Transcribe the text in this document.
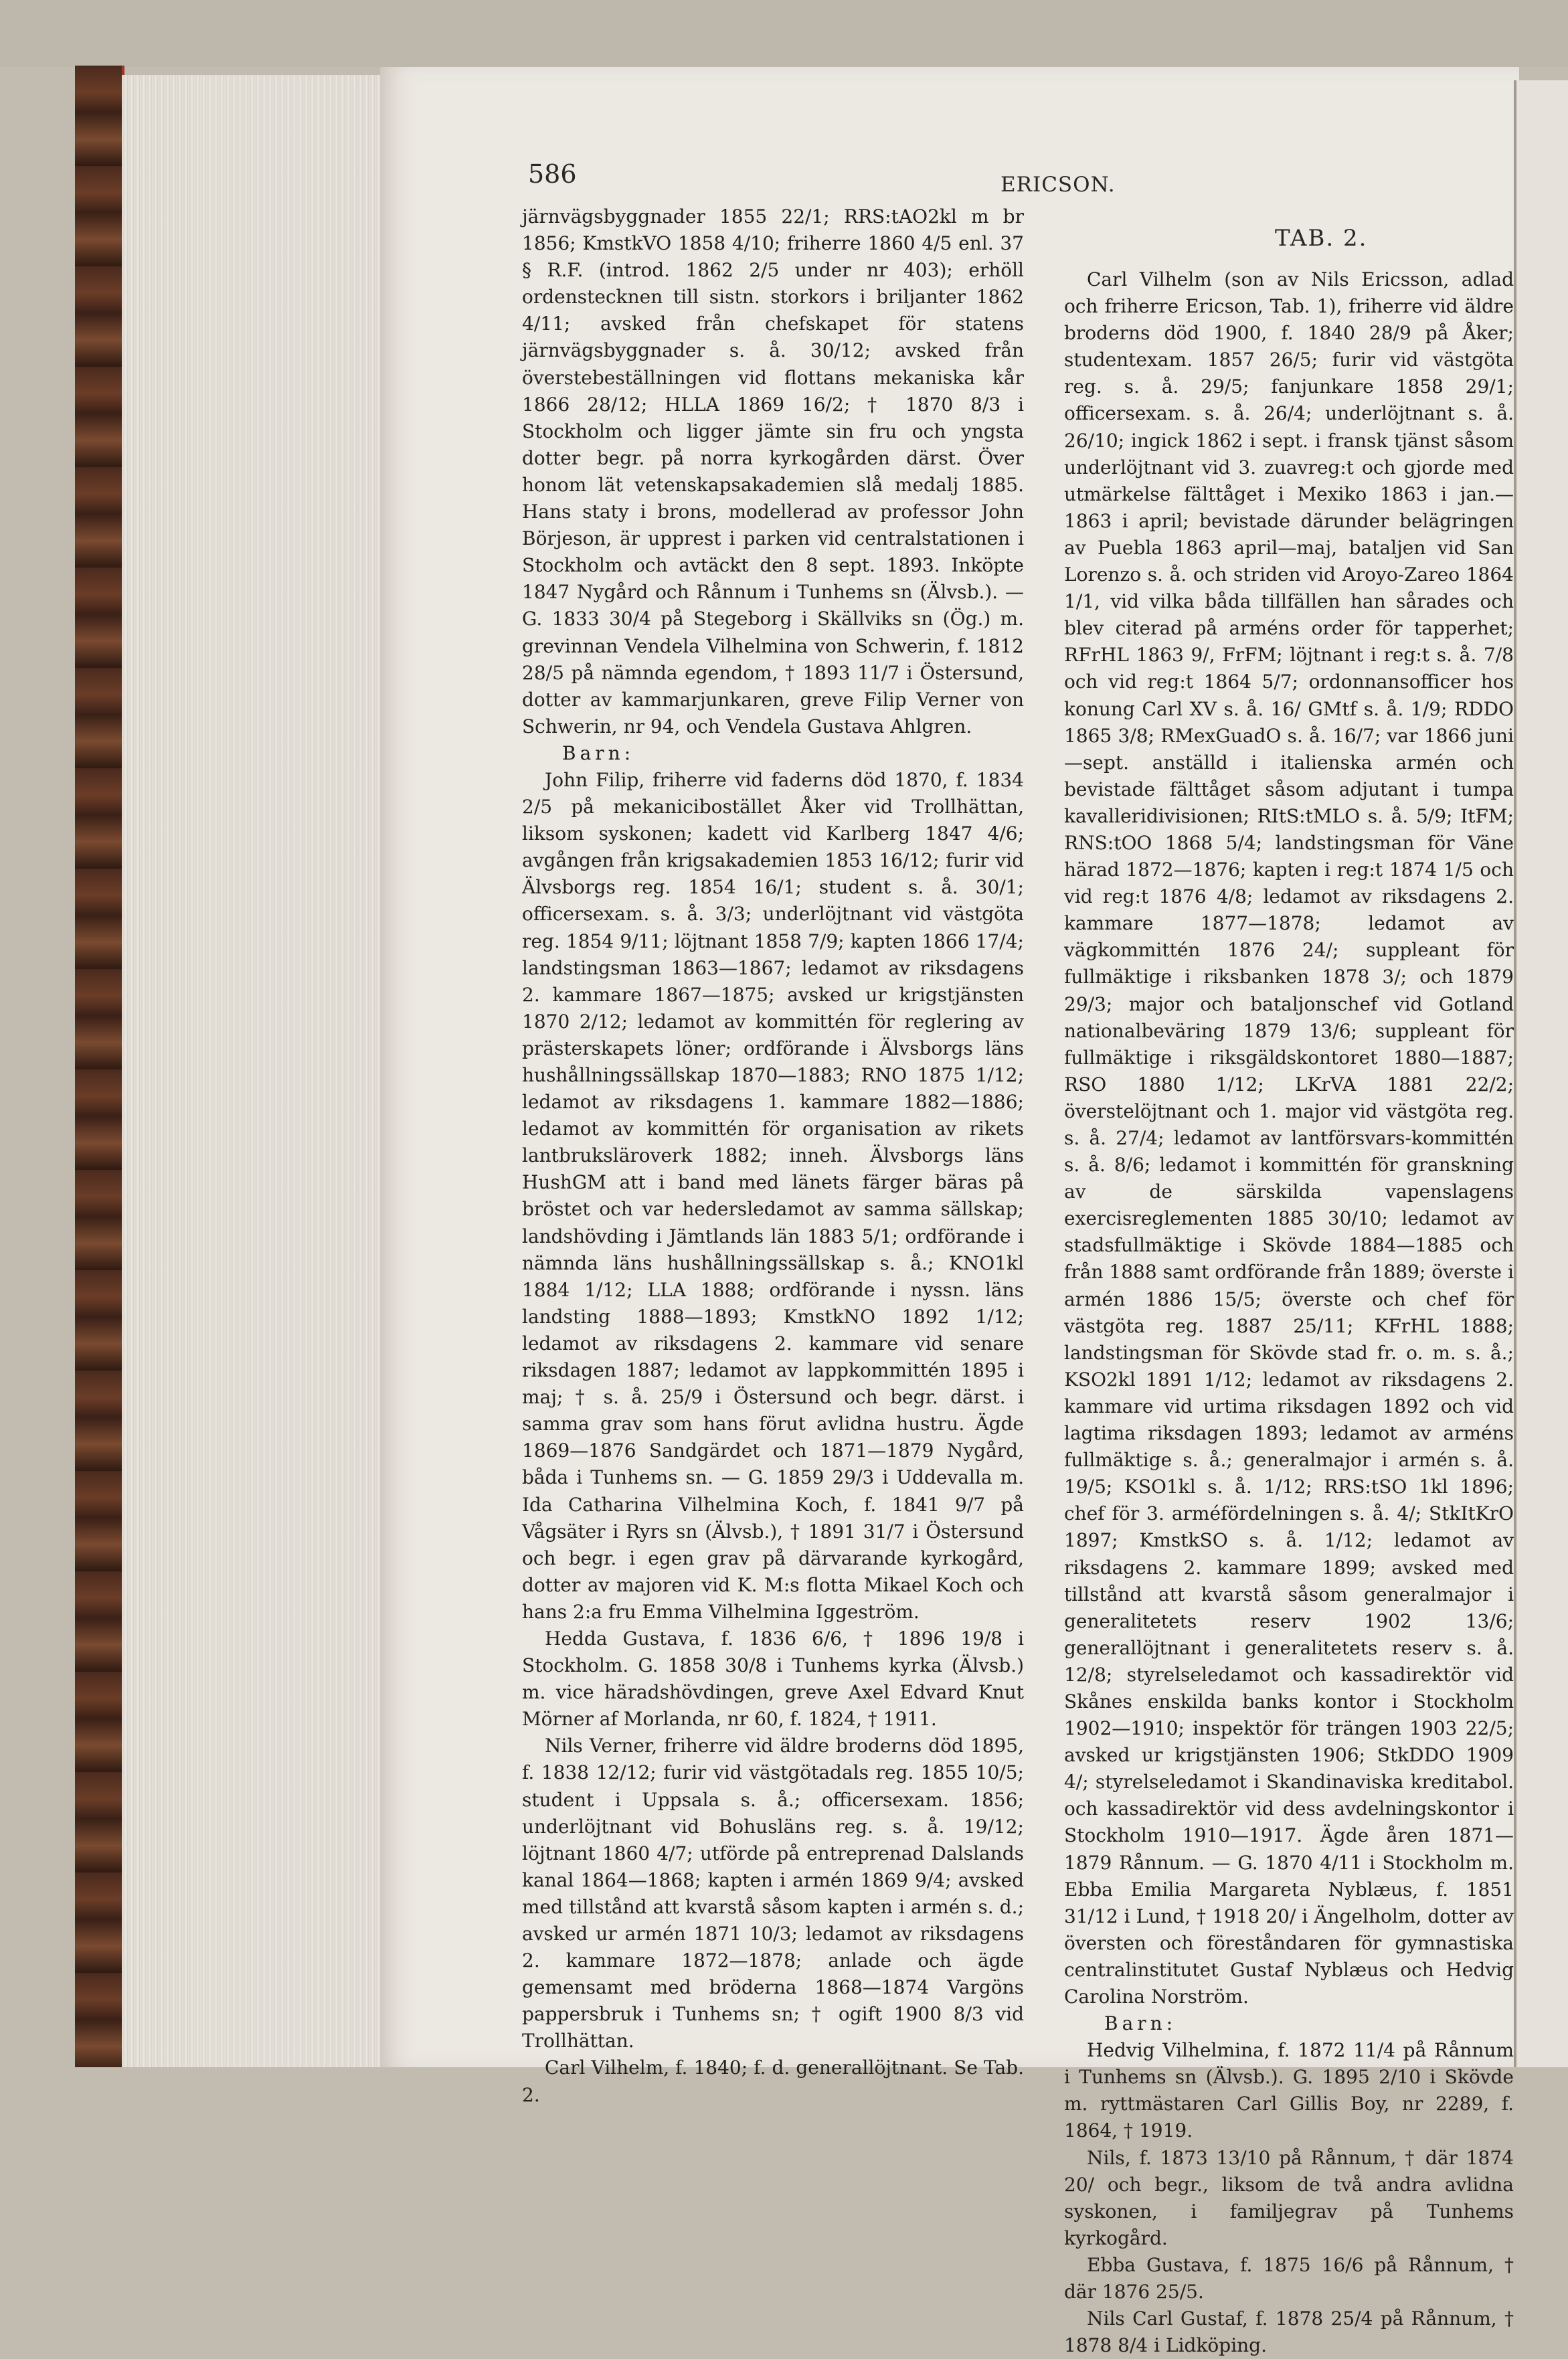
586	ERICSON.
TAB. 2.

järnvägsbyggnader 1855 22/1; RRS:tAO2kl m br 1856; KmstkVO 1858 4/10; friherre 1860 4/5 enl. 37 § R.F. (introd. 1862 2/5 under nr 403); erhöll ordenstecknen till sistn. storkors i briljanter 1862 4/11; avsked från chefskapet för statens järnvägsbyggnader s. å. 30/12; avsked från överstebeställningen vid flottans mekaniska kår 1866 28/12; HLLA 1869 16/2; † 1870 8/3 i Stockholm och ligger jämte sin fru och yngsta dotter begr. på norra kyrkogården därst. Över honom lät vetenskapsakademien slå medalj 1885. Hans staty i brons, modellerad av professor John Börjeson, är upprest i parken vid centralstationen i Stockholm och avtäckt den 8 sept. 1893. Inköpte 1847 Nygård och Rånnum i Tunhems sn (Älvsb.). — G. 1833 30/4 på Stegeborg i Skällviks sn (Ög.) m. grevinnan Vendela Vilhelmina von Schwerin, f. 1812 28/5 på nämnda egendom, † 1893 11/7 i Östersund, dotter av kammarjunkaren, greve Filip Verner von Schwerin, nr 94, och Vendela Gustava Ahlgren.

Barn:

John Filip, friherre vid faderns död 1870, f. 1834 2/5 på mekanicibostället Åker vid Trollhättan, liksom syskonen; kadett vid Karlberg 1847 4/6; avgången från krigsakademien 1853 16/12; furir vid Älvsborgs reg. 1854 16/1; student s. å. 30/1; officersexam. s. å. 3/3; underlöjtnant vid västgöta reg. 1854 9/11; löjtnant 1858 7/9; kapten 1866 17/4; landstingsman 1863—1867; ledamot av riksdagens 2. kammare 1867—1875; avsked ur krigstjänsten 1870 2/12; ledamot av kommittén för reglering av prästerskapets löner; ordförande i Älvsborgs läns hushållningssällskap 1870—1883; RNO 1875 1/12; ledamot av riksdagens 1. kammare 1882—1886; ledamot av kommittén för organisation av rikets lantbruksläroverk 1882; inneh. Älvsborgs läns HushGM att i band med länets färger bäras på bröstet och var hedersledamot av samma sällskap; landshövding i Jämtlands län 1883 5/1; ordförande i nämnda läns hushållningssällskap s. å.; KNO1kl 1884 1/12; LLA 1888; ordförande i nyssn. läns landsting 1888—1893; KmstkNO 1892 1/12; ledamot av riksdagens 2. kammare vid senare riksdagen 1887; ledamot av lappkommittén 1895 i maj; † s. å. 25/9 i Östersund och begr. därst. i samma grav som hans förut avlidna hustru. Ägde 1869—1876 Sandgärdet och 1871—1879 Nygård, båda i Tunhems sn. — G. 1859 29/3 i Uddevalla m. Ida Catharina Vilhelmina Koch, f. 1841 9/7 på Vågsäter i Ryrs sn (Älvsb.), † 1891 31/7 i Östersund och begr. i egen grav på därvarande kyrkogård, dotter av majoren vid K. M:s flotta Mikael Koch och hans 2:a fru Emma Vilhelmina Iggeström.

Hedda Gustava, f. 1836 6/6, † 1896 19/8 i Stockholm. G. 1858 30/8 i Tunhems kyrka (Älvsb.) m. vice häradshövdingen, greve Axel Edvard Knut Mörner af Morlanda, nr 60, f. 1824, † 1911.

Nils Verner, friherre vid äldre broderns död 1895, f. 1838 12/12; furir vid västgötadals reg. 1855 10/5; student i Uppsala s. å.; officersexam. 1856; underlöjtnant vid Bohusläns reg. s. å. 19/12; löjtnant 1860 4/7; utförde på entreprenad Dalslands kanal 1864—1868; kapten i armén 1869 9/4; avsked med tillstånd att kvarstå såsom kapten i armén s. d.; avsked ur armén 1871 10/3; ledamot av riksdagens 2. kammare 1872—1878; anlade och ägde gemensamt med bröderna 1868—1874 Vargöns pappersbruk i Tunhems sn; † ogift 1900 8/3 vid Trollhättan.

Carl Vilhelm, f. 1840; f. d. generallöjtnant. Se Tab. 2.

Carl Vilhelm (son av Nils Ericsson, adlad och friherre Ericson, Tab. 1), friherre vid äldre broderns död 1900, f. 1840 28/9 på Åker; studentexam. 1857 26/5; furir vid västgöta reg. s. å. 29/5; fanjunkare 1858 29/1; officersexam. s. å. 26/4; underlöjtnant s. å. 26/10; ingick 1862 i sept. i fransk tjänst såsom underlöjtnant vid 3. zuavreg:t och gjorde med utmärkelse fälttåget i Mexiko 1863 i jan.—1863 i april; bevistade därunder belägringen av Puebla 1863 april—maj, bataljen vid San Lorenzo s. å. och striden vid Aroyo-Zareo 1864 1/1, vid vilka båda tillfällen han sårades och blev citerad på arméns order för tapperhet; RFrHL 1863 9/, FrFM; löjtnant i reg:t s. å. 7/8 och vid reg:t 1864 5/7; ordonnansofficer hos konung Carl XV s. å. 16/ GMtf s. å. 1/9; RDDO 1865 3/8; RMexGuadO s. å. 16/7; var 1866 juni—sept. anställd i italienska armén och bevistade fälttåget såsom adjutant i tumpa kavalleridivisionen; RItS:tMLO s. å. 5/9; ItFM; RNS:tOO 1868 5/4; landstingsman för Väne härad 1872—1876; kapten i reg:t 1874 1/5 och vid reg:t 1876 4/8; ledamot av riksdagens 2. kammare 1877—1878; ledamot av vägkommittén 1876 24/; suppleant för fullmäktige i riksbanken 1878 3/; och 1879 29/3; major och bataljonschef vid Gotland nationalbeväring 1879 13/6; suppleant för fullmäktige i riksgäldskontoret 1880—1887; RSO 1880 1/12; LKrVA 1881 22/2; överstelöjtnant och 1. major vid västgöta reg. s. å. 27/4; ledamot av lantförsvars-kommittén s. å. 8/6; ledamot i kommittén för granskning av de särskilda vapenslagens exercisreglementen 1885 30/10; ledamot av stadsfullmäktige i Skövde 1884—1885 och från 1888 samt ordförande från 1889; överste i armén 1886 15/5; överste och chef för västgöta reg. 1887 25/11; KFrHL 1888; landstingsman för Skövde stad fr. o. m. s. å.; KSO2kl 1891 1/12; ledamot av riksdagens 2. kammare vid urtima riksdagen 1892 och vid lagtima riksdagen 1893; ledamot av arméns fullmäktige s. å.; generalmajor i armén s. å. 19/5; KSO1kl s. å. 1/12; RRS:tSO 1kl 1896; chef för 3. arméfördelningen s. å. 4/; StkItKrO 1897; KmstkSO s. å. 1/12; ledamot av riksdagens 2. kammare 1899; avsked med tillstånd att kvarstå såsom generalmajor i generalitetets reserv 1902 13/6; generallöjtnant i generalitetets reserv s. å. 12/8; styrelseledamot och kassadirektör vid Skånes enskilda banks kontor i Stockholm 1902—1910; inspektör för trängen 1903 22/5; avsked ur krigstjänsten 1906; StkDDO 1909 4/; styrelseledamot i Skandinaviska kreditabol. och kassadirektör vid dess avdelningskontor i Stockholm 1910—1917. Ägde åren 1871—1879 Rånnum. — G. 1870 4/11 i Stockholm m. Ebba Emilia Margareta Nyblæus, f. 1851 31/12 i Lund, † 1918 20/ i Ängelholm, dotter av översten och föreståndaren för gymnastiska centralinstitutet Gustaf Nyblæus och Hedvig Carolina Norström.

Barn:

Hedvig Vilhelmina, f. 1872 11/4 på Rånnum i Tunhems sn (Älvsb.). G. 1895 2/10 i Skövde m. ryttmästaren Carl Gillis Boy, nr 2289, f. 1864, † 1919.

Nils, f. 1873 13/10 på Rånnum, † där 1874 20/ och begr., liksom de två andra avlidna syskonen, i familjegrav på Tunhems kyrkogård.

Ebba Gustava, f. 1875 16/6 på Rånnum, † där 1876 25/5.

Nils Carl Gustaf, f. 1878 25/4 på Rånnum, † 1878 8/4 i Lidköping.
